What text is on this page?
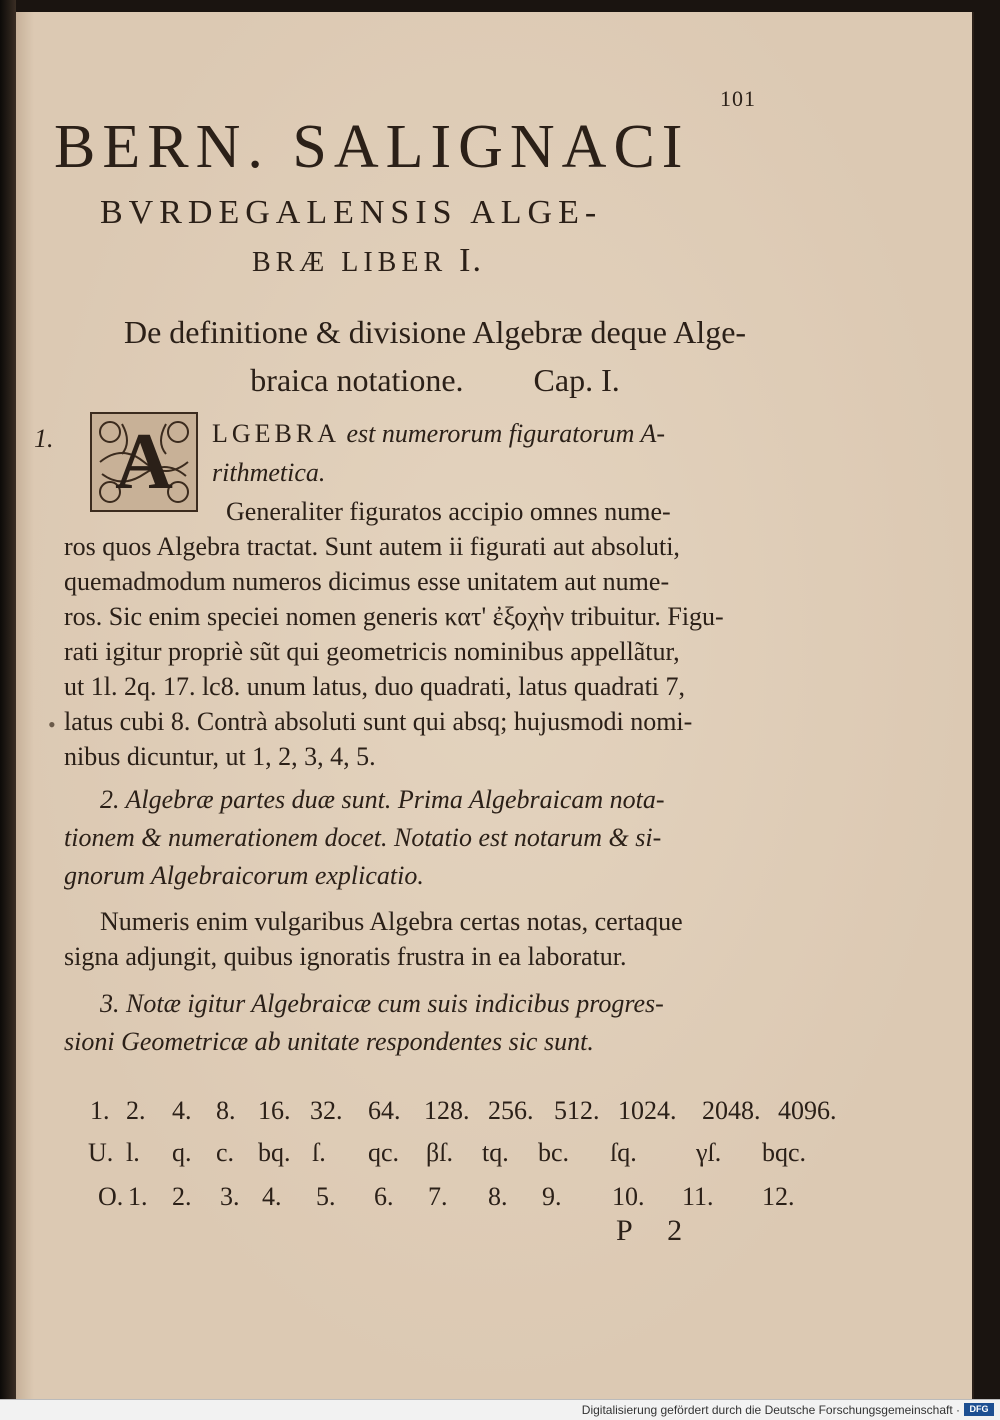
101
BERN. SALIGNACI
BVRDEGALENSIS ALGE-
BRÆ LIBER I.
De definitione & divisione Algebræ deque Alge-
braica notatione. Cap. I.
1. A	LGEBRA est numerorum figuratorum A-
rithmetica.
Generaliter figuratos accipio omnes nume-
ros quos Algebra tractat. Sunt autem ii figurati aut absoluti,
quemadmodum numeros dicimus esse unitatem aut nume-
ros. Sic enim speciei nomen generis κατ' ἐξοχὴν tribuitur. Figu-
rati igitur propriè sũt qui geometricis nominibus appellãtur,
ut 1l. 2q. 17. lc8. unum latus, duo quadrati, latus quadrati 7,
latus cubi 8. Contrà absoluti sunt qui absq; hujusmodi nomi-
nibus dicuntur, ut 1, 2, 3, 4, 5.
•
2. Algebræ partes duæ sunt. Prima Algebraicam nota-
tionem & numerationem docet. Notatio est notarum & si-
gnorum Algebraicorum explicatio.
Numeris enim vulgaribus Algebra certas notas, certaque
signa adjungit, quibus ignoratis frustra in ea laboratur.
3. Notæ igitur Algebraicæ cum suis indicibus progres-
sioni Geometricæ ab unitate respondentes sic sunt.
1. 2. 4. 8. 16. 32. 64. 128. 256. 512. 1024. 2048. 4096.
U. l. q. c. bq. ſ. qc. βſ. tq. bc. ſq. γſ. bqc.
O. 1. 2. 3. 4. 5. 6. 7. 8. 9. 10. 11. 12.
P 2
Digitalisierung gefördert durch die Deutsche Forschungsgemeinschaft ·	DFG
